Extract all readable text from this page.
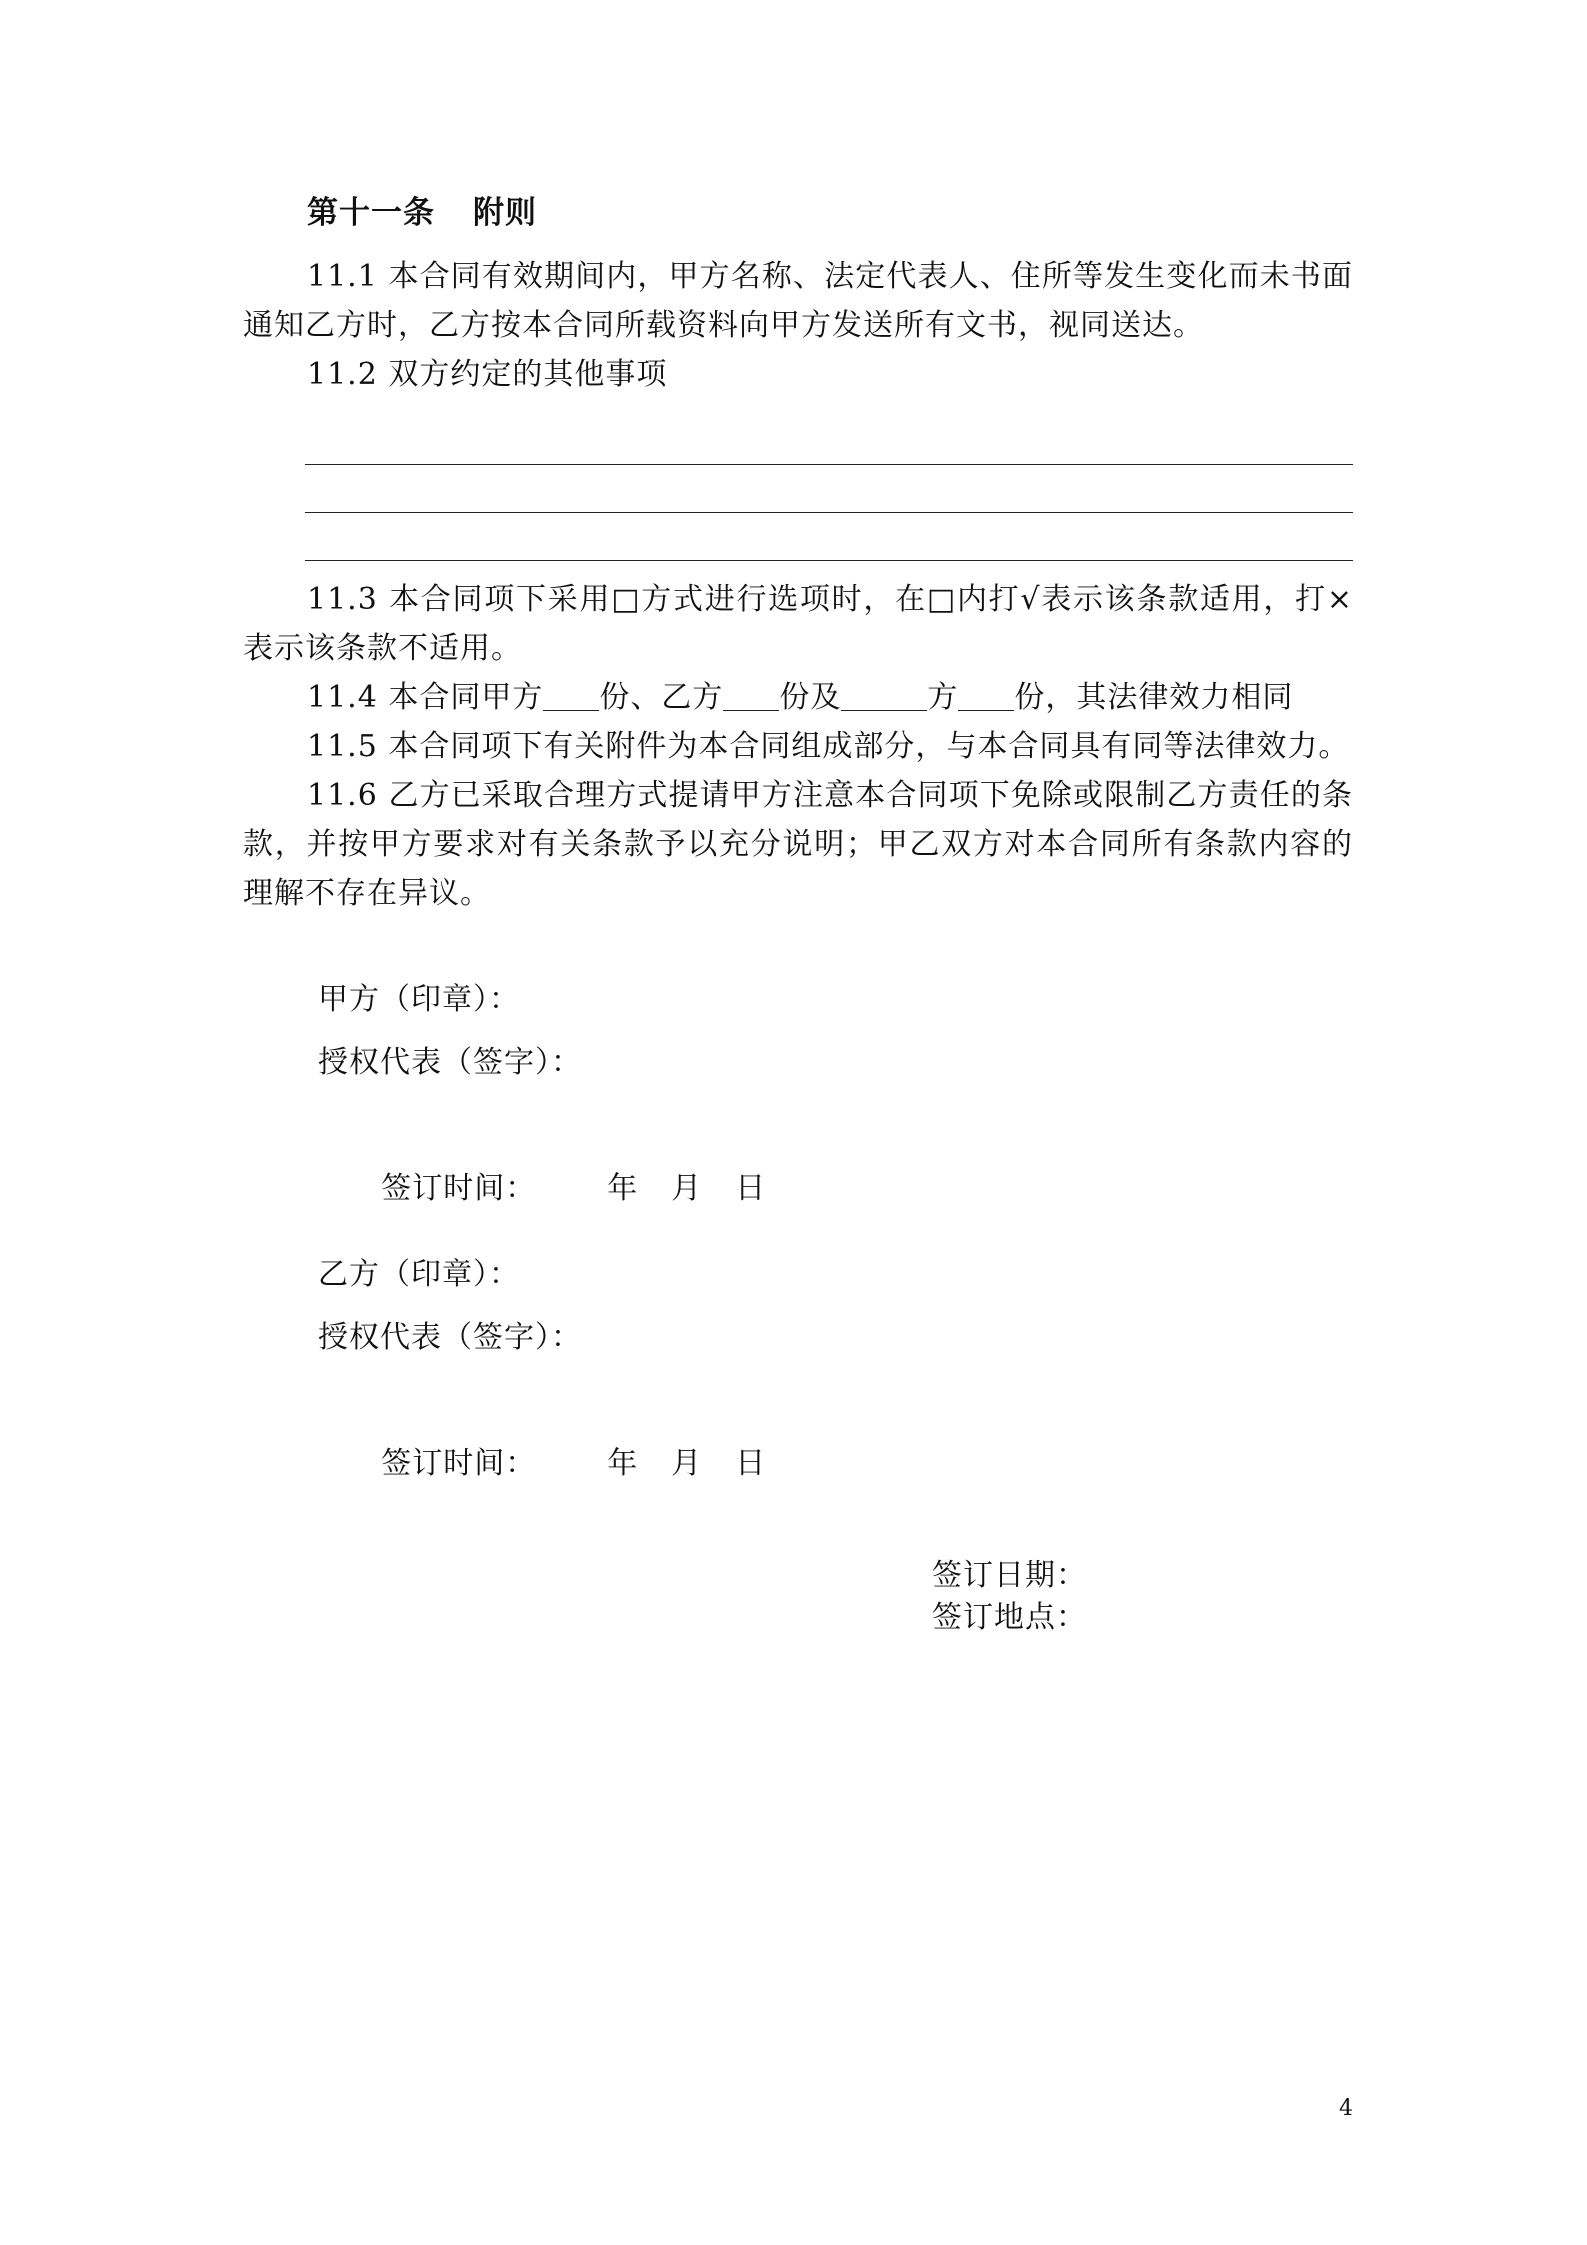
第十一条 附则

11.1 本合同有效期间内，甲方名称、法定代表人、住所等发生变化而未书面通知乙方时，乙方按本合同所载资料向甲方发送所有文书，视同送达。

11.2 双方约定的其他事项

11.3 本合同项下采用□方式进行选项时，在□内打√表示该条款适用，打×表示该条款不适用。

11.4 本合同甲方 份、乙方 份及	方 份，其法律效力相同

11.5 本合同项下有关附件为本合同组成部分，与本合同具有同等法律效力。

11.6 乙方已采取合理方式提请甲方注意本合同项下免除或限制乙方责任的条款，并按甲方要求对有关条款予以充分说明；甲乙双方对本合同所有条款内容的理解不存在异议。

甲方（印章）：
授权代表（签字）：

签订时间： 年 月 日

乙方（印章）：
授权代表（签字）：

签订时间： 年 月 日

签订日期：
签订地点：
4
